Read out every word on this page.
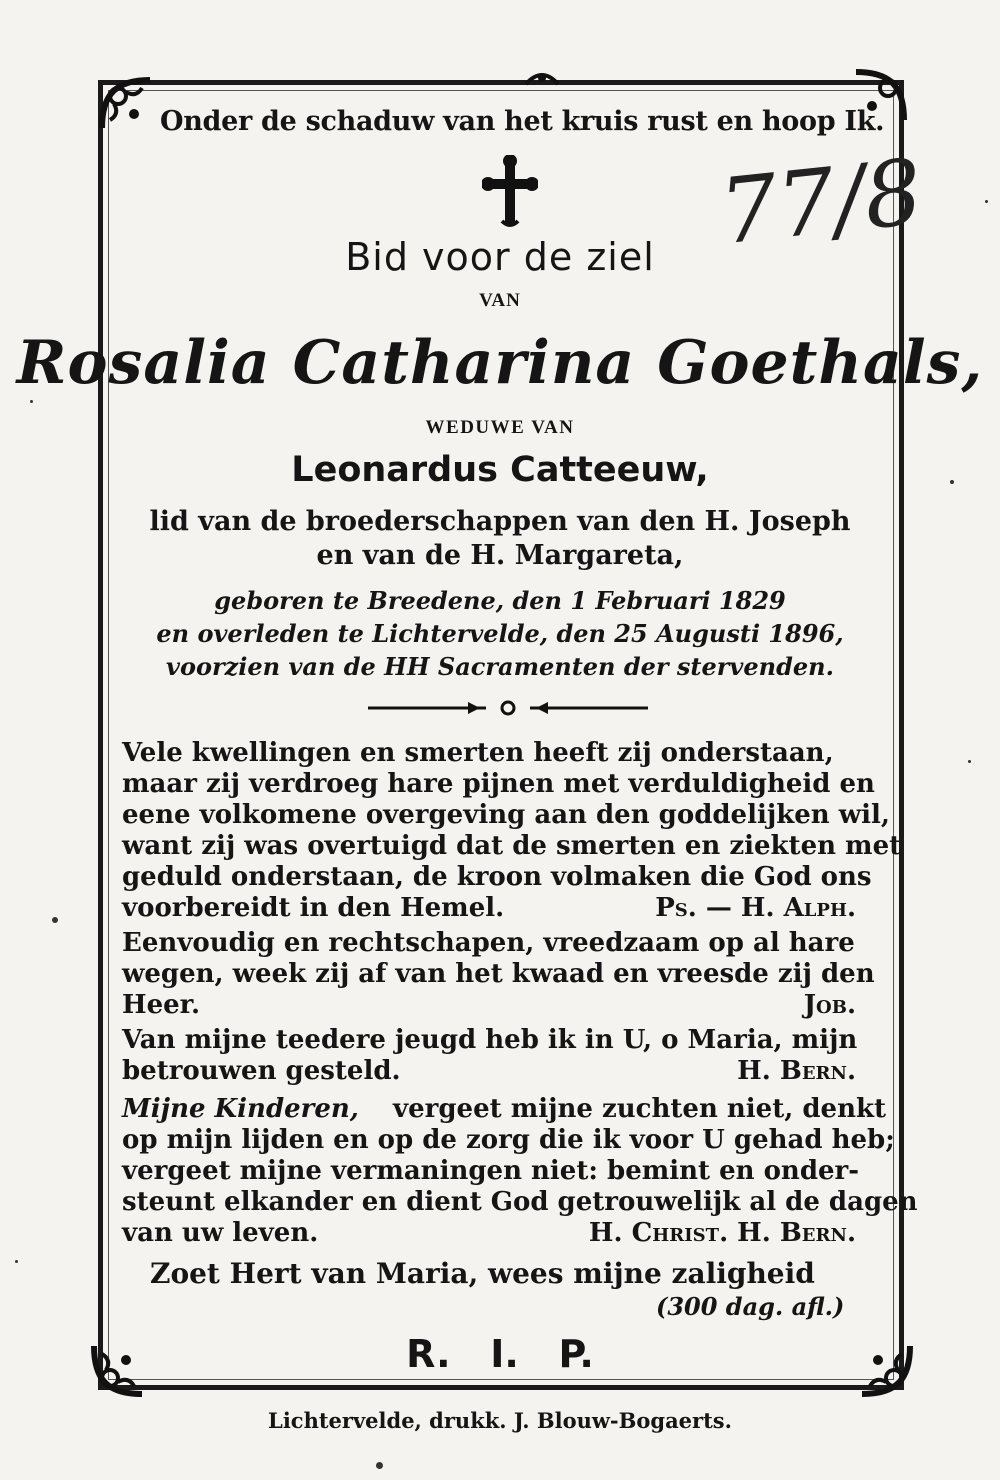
Onder de schaduw van het kruis rust en hoop Ik.
77/8
Bid voor de ziel
VAN
Rosalia Catharina Goethals,
WEDUWE VAN
Leonardus Catteeuw,
lid van de broederschappen van den H. Joseph
en van de H. Margareta,
geboren te Breedene, den 1 Februari 1829
en overleden te Lichtervelde, den 25 Augusti 1896,
voorzien van de HH Sacramenten der stervenden.
Vele kwellingen en smerten heeft zij onderstaan,
maar zij verdroeg hare pijnen met verduldigheid en
eene volkomene overgeving aan den goddelijken wil,
want zij was overtuigd dat de smerten en ziekten met
geduld onderstaan, de kroon volmaken die God ons
voorbereidt in den Hemel.	Ps. — H. Alph.
Eenvoudig en rechtschapen, vreedzaam op al hare
wegen, week zij af van het kwaad en vreesde zij den
Heer.	Job.
Van mijne teedere jeugd heb ik in U, o Maria, mijn
betrouwen gesteld.	H. Bern.
Mijne Kinderen, vergeet mijne zuchten niet, denkt
op mijn lijden en op de zorg die ik voor U gehad heb;
vergeet mijne vermaningen niet: bemint en onder-
steunt elkander en dient God getrouwelijk al de dagen
van uw leven.	H. Christ. H. Bern.
Zoet Hert van Maria, wees mijne zaligheid
(300 dag. afl.)
R.   I.   P.
Lichtervelde, drukk. J. Blouw-Bogaerts.
